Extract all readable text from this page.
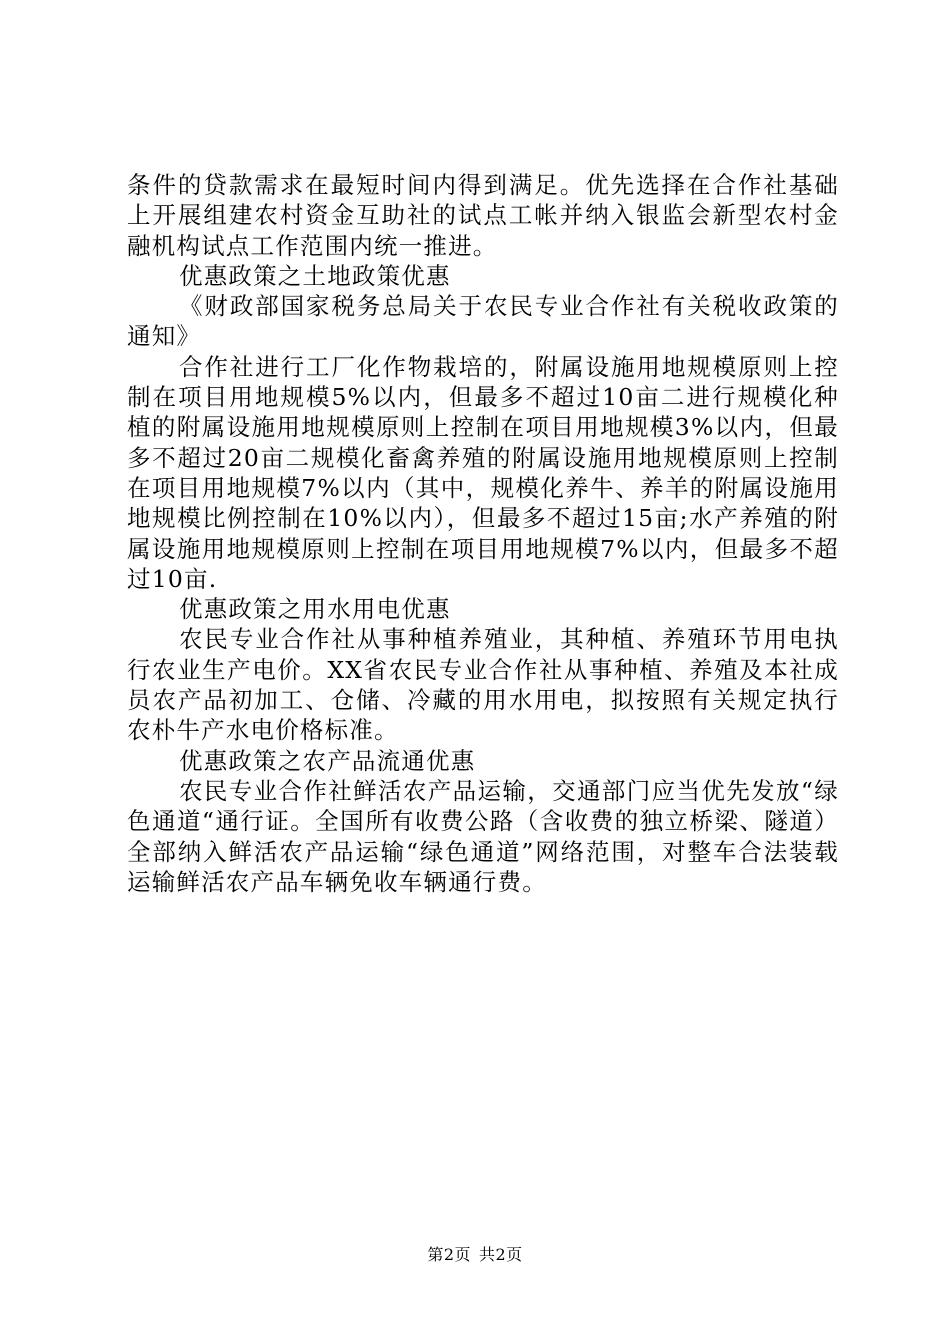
条件的贷款需求在最短时间内得到满足。优先选择在合作社基础上开展组建农村资金互助社的试点工帐并纳入银监会新型农村金融机构试点工作范围内统一推进。

优惠政策之土地政策优惠

《财政部国家税务总局关于农民专业合作社有关税收政策的通知》

合作社进行工厂化作物栽培的，附属设施用地规模原则上控制在项目用地规模5%以内，但最多不超过10亩二进行规模化种植的附属设施用地规模原则上控制在项目用地规模3%以内，但最多不超过20亩二规模化畜禽养殖的附属设施用地规模原则上控制在项目用地规模7%以内（其中，规模化养牛、养羊的附属设施用地规模比例控制在10%以内），但最多不超过15亩;水产养殖的附属设施用地规模原则上控制在项目用地规模7%以内，但最多不超过10亩.

优惠政策之用水用电优惠

农民专业合作社从事种植养殖业，其种植、养殖环节用电执行农业生产电价。XX省农民专业合作社从事种植、养殖及本社成员农产品初加工、仓储、冷藏的用水用电，拟按照有关规定执行农朴牛产水电价格标准。

优惠政策之农产品流通优惠

农民专业合作社鲜活农产品运输，交通部门应当优先发放“绿色通道“通行证。全国所有收费公路（含收费的独立桥梁、隧道）全部纳入鲜活农产品运输“绿色通道”网络范围，对整车合法装载运输鲜活农产品车辆免收车辆通行费。

第2页 共2页
